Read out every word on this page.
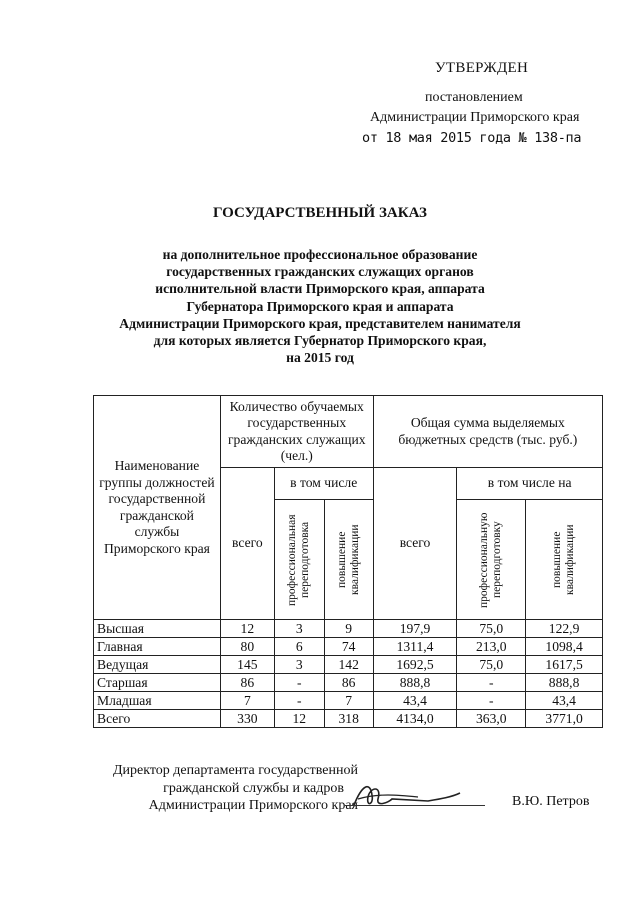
УТВЕРЖДЕН
постановлением
Администрации Приморского края
от 18 мая 2015 года № 138-па
ГОСУДАРСТВЕННЫЙ ЗАКАЗ
на дополнительное профессиональное образование
государственных гражданских служащих органов
исполнительной власти Приморского края, аппарата
Губернатора Приморского края и аппарата
Администрации Приморского края, представителем нанимателя
для которых является Губернатор Приморского края,
на 2015 год
Наименование группы должностей государственной гражданской службы Приморского края	Количество обучаемых государственных гражданских служащих (чел.)			Общая сумма выделяемых бюджетных средств (тыс. руб.)		
	всего	в том числе		всего	в том числе на	

		профессиональная переподготовка	повышение квалификации		профессиональную переподготовку	повышение квалификации

Высшая	12	3	9	197,9	75,0	122,9
Главная	80	6	74	1311,4	213,0	1098,4
Ведущая	145	3	142	1692,5	75,0	1617,5
Старшая	86	-	86	888,8	-	888,8
Младшая	7	-	7	43,4	-	43,4
Всего	330	12	318	4134,0	363,0	3771,0
Директор департамента государственной
гражданской службы и кадров
Администрации Приморского края	В.Ю. Петров
